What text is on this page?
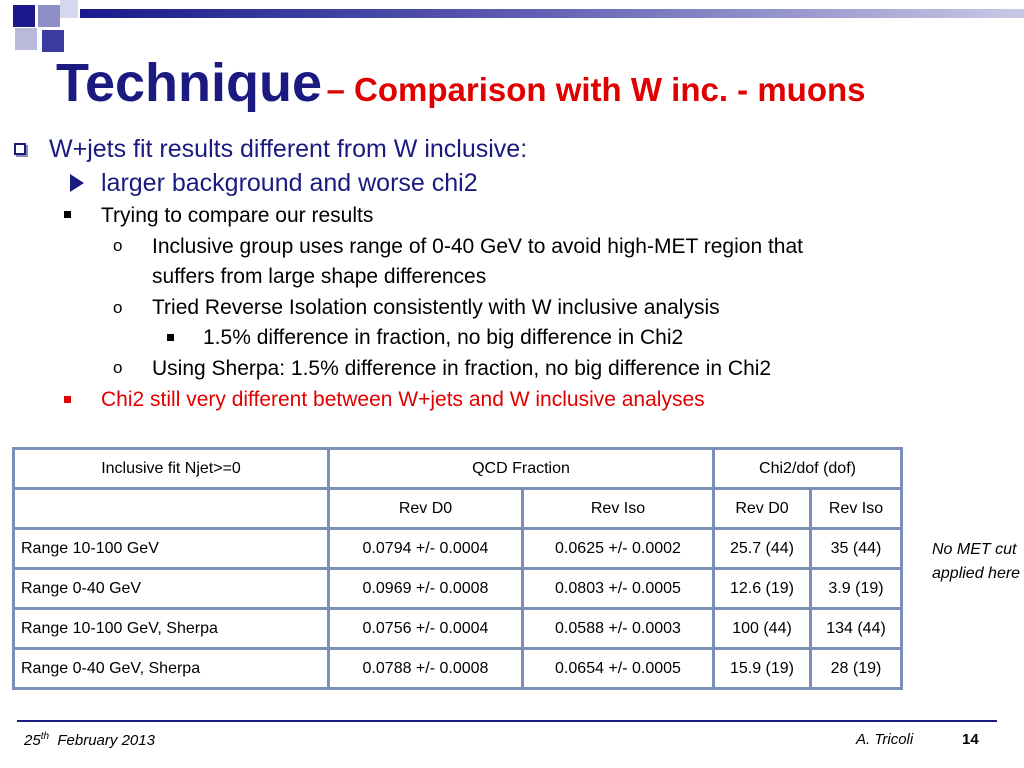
Technique – Comparison with W inc. - muons
W+jets fit results different from W inclusive:
larger background and worse chi2
Trying to compare our results
o Inclusive group uses range of 0-40 GeV to avoid high-MET region that
suffers from large shape differences
o Tried Reverse Isolation consistently with W inclusive analysis
1.5% difference in fraction, no big difference in Chi2
o Using Sherpa: 1.5% difference in fraction, no big difference in Chi2
Chi2 still very different between W+jets and W inclusive analyses
Inclusive fit Njet>=0	QCD Fraction		Chi2/dof (dof)	
	Rev D0	Rev Iso	Rev D0	Rev Iso
Range 10-100 GeV	0.0794 +/- 0.0004	0.0625 +/- 0.0002	25.7 (44)	35 (44)
Range 0-40 GeV	0.0969 +/- 0.0008	0.0803 +/- 0.0005	12.6 (19)	3.9 (19)
Range 10-100 GeV, Sherpa	0.0756 +/- 0.0004	0.0588 +/- 0.0003	100 (44)	134 (44)
Range 0-40 GeV, Sherpa	0.0788 +/- 0.0008	0.0654 +/- 0.0005	15.9 (19)	28 (19)
No MET cut applied here
25th February 2013	A. Tricoli	14
